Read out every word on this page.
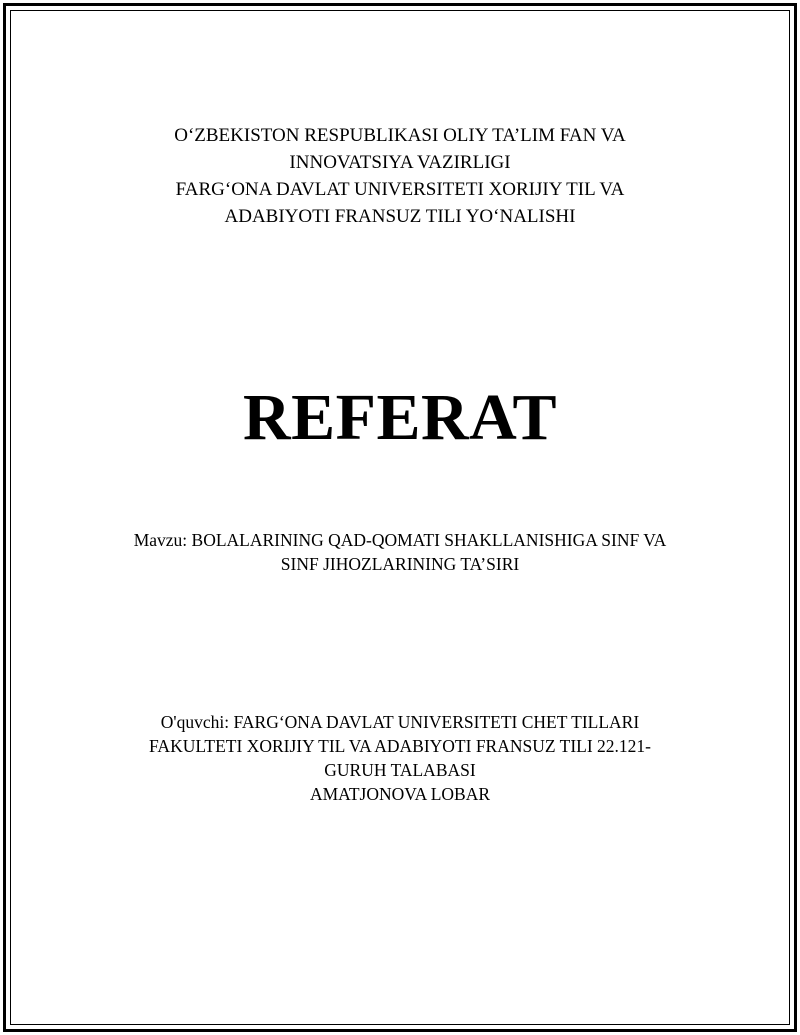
O‘ZBEKISTON RESPUBLIKASI OLIY TA’LIM FAN VA
INNOVATSIYA VAZIRLIGI
FARG‘ONA DAVLAT UNIVERSITETI XORIJIY TIL VA
ADABIYOTI FRANSUZ TILI YO‘NALISHI
REFERAT
Mavzu: BOLALARINING QAD-QOMATI SHAKLLANISHIGA SINF VA
SINF JIHOZLARINING TA’SIRI
O'quvchi: FARG‘ONA DAVLAT UNIVERSITETI CHET TILLARI
FAKULTETI XORIJIY TIL VA ADABIYOTI FRANSUZ TILI 22.121-
GURUH TALABASI
AMATJONOVA LOBAR
